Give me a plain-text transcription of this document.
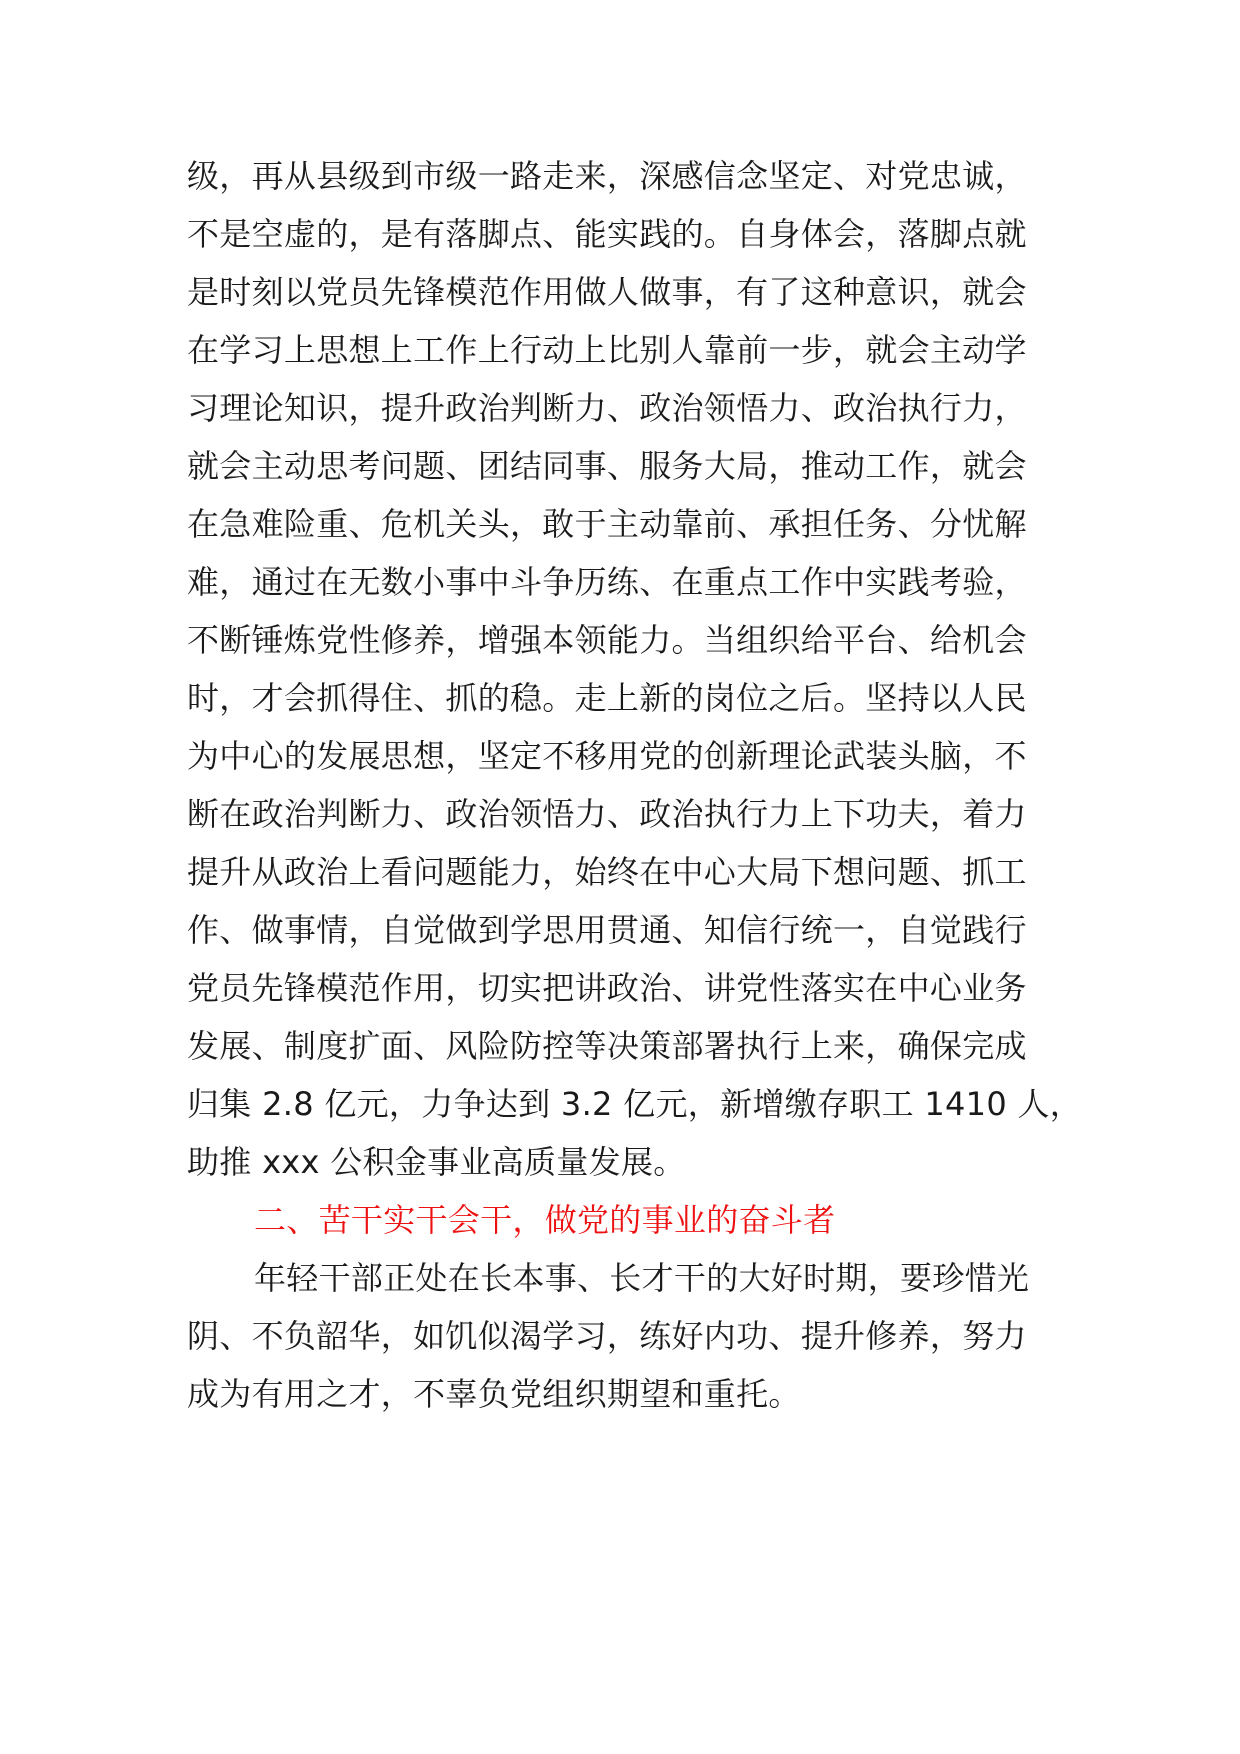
级，再从县级到市级一路走来，深感信念坚定、对党忠诚，
不是空虚的，是有落脚点、能实践的。自身体会，落脚点就
是时刻以党员先锋模范作用做人做事，有了这种意识，就会
在学习上思想上工作上行动上比别人靠前一步，就会主动学
习理论知识，提升政治判断力、政治领悟力、政治执行力，
就会主动思考问题、团结同事、服务大局，推动工作，就会
在急难险重、危机关头，敢于主动靠前、承担任务、分忧解
难，通过在无数小事中斗争历练、在重点工作中实践考验，
不断锤炼党性修养，增强本领能力。当组织给平台、给机会
时，才会抓得住、抓的稳。走上新的岗位之后。坚持以人民
为中心的发展思想，坚定不移用党的创新理论武装头脑，不
断在政治判断力、政治领悟力、政治执行力上下功夫，着力
提升从政治上看问题能力，始终在中心大局下想问题、抓工
作、做事情，自觉做到学思用贯通、知信行统一，自觉践行
党员先锋模范作用，切实把讲政治、讲党性落实在中心业务
发展、制度扩面、风险防控等决策部署执行上来，确保完成
归集 2.8 亿元，力争达到 3.2 亿元，新增缴存职工 1410 人，
助推 xxx 公积金事业高质量发展。
二、苦干实干会干，做党的事业的奋斗者
年轻干部正处在长本事、长才干的大好时期，要珍惜光
阴、不负韶华，如饥似渴学习，练好内功、提升修养，努力
成为有用之才，不辜负党组织期望和重托。
